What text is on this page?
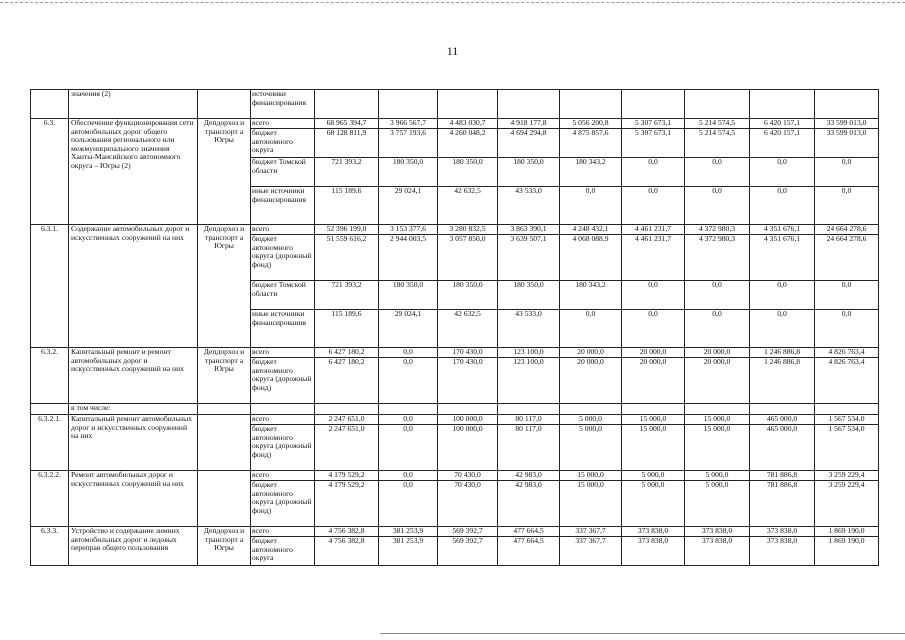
11
	значения (2)		источники финансирования									
6.3.	Обеспечение функционирования сети автомобильных дорог общего пользования регионального или межмуниципального значения Ханты-Мансийского автономного округа – Югры (2)	Депдорхоз и транспорт а Югры	всего	68 965 394,7	3 966 567,7	4 483 030,7	4 918 177,8	5 056 200,8	5 307 673,1	5 214 574,5	6 420 157,1	33 599 013,0
			бюджет автономного округа	68 128 811,9	3 757 193,6	4 260 048,2	4 694 294,8	4 875 857,6	5 307 673,1	5 214 574,5	6 420 157,1	33 599 013,0
			бюджет Томской области	721 393,2	180 350,0	180 350,0	180 350,0	180 343,2	0,0	0,0	0,0	0,0
			иные источники финансирования	115 189,6	29 024,1	42 632,5	43 533,0	0,0	0,0	0,0	0,0	0,0
6.3.1.	Содержание автомобильных дорог и искусственных сооружений на них	Депдорхоз и транспорт а Югры	всего	52 396 199,0	3 153 377,6	3 280 832,5	3 863 390,1	4 248 432,1	4 461 231,7	4 372 980,3	4 351 676,1	24 664 278,6
			бюджет автономного округа (дорожный фонд)	51 559 616,2	2 944 003,5	3 057 850,0	3 639 507,1	4 068 088,9	4 461 231,7	4 372 980,3	4 351 676,1	24 664 278,6
			бюджет Томской области	721 393,2	180 350,0	180 350,0	180 350,0	180 343,2	0,0	0,0	0,0	0,0
			иные источники финансирования	115 189,6	29 024,1	42 632,5	43 533,0	0,0	0,0	0,0	0,0	0,0
6.3.2.	Капитальный ремонт и ремонт автомобильных дорог и искусственных сооружений на них	Депдорхоз и транспорт а Югры	всего	6 427 180,2	0,0	170 430,0	123 100,0	20 000,0	20 000,0	20 000,0	1 246 886,8	4 826 763,4
			бюджет автономного округа (дорожный фонд)	6 427 180,2	0,0	170 430,0	123 100,0	20 000,0	20 000,0	20 000,0	1 246 886,8	4 826 763,4
	в том числе:											
6.3.2.1.	Капитальный ремонт автомобильных дорог и искусственных сооружений на них		всего	2 247 651,0	0,0	100 000,0	80 117,0	5 000,0	15 000,0	15 000,0	465 000,0	1 567 534,0
			бюджет автономного округа (дорожный фонд)	2 247 651,0	0,0	100 000,0	80 117,0	5 000,0	15 000,0	15 000,0	465 000,0	1 567 534,0
6.3.2.2.	Ремонт автомобильных дорог и искусственных сооружений на них		всего	4 179 529,2	0,0	70 430,0	42 983,0	15 000,0	5 000,0	5 000,0	781 886,8	3 259 229,4
			бюджет автономного округа (дорожный фонд)	4 179 529,2	0,0	70 430,0	42 983,0	15 000,0	5 000,0	5 000,0	781 886,8	3 259 229,4
6.3.3.	Устройство и содержание зимних автомобильных дорог и ледовых переправ общего пользования	Депдорхоз и транспорт а Югры	всего	4 756 382,8	381 253,9	569 392,7	477 664,5	337 367,7	373 838,0	373 838,0	373 838,0	1 869 190,0
			бюджет автономного округа	4 756 382,8	381 253,9	569 392,7	477 664,5	337 367,7	373 838,0	373 838,0	373 838,0	1 869 190,0
